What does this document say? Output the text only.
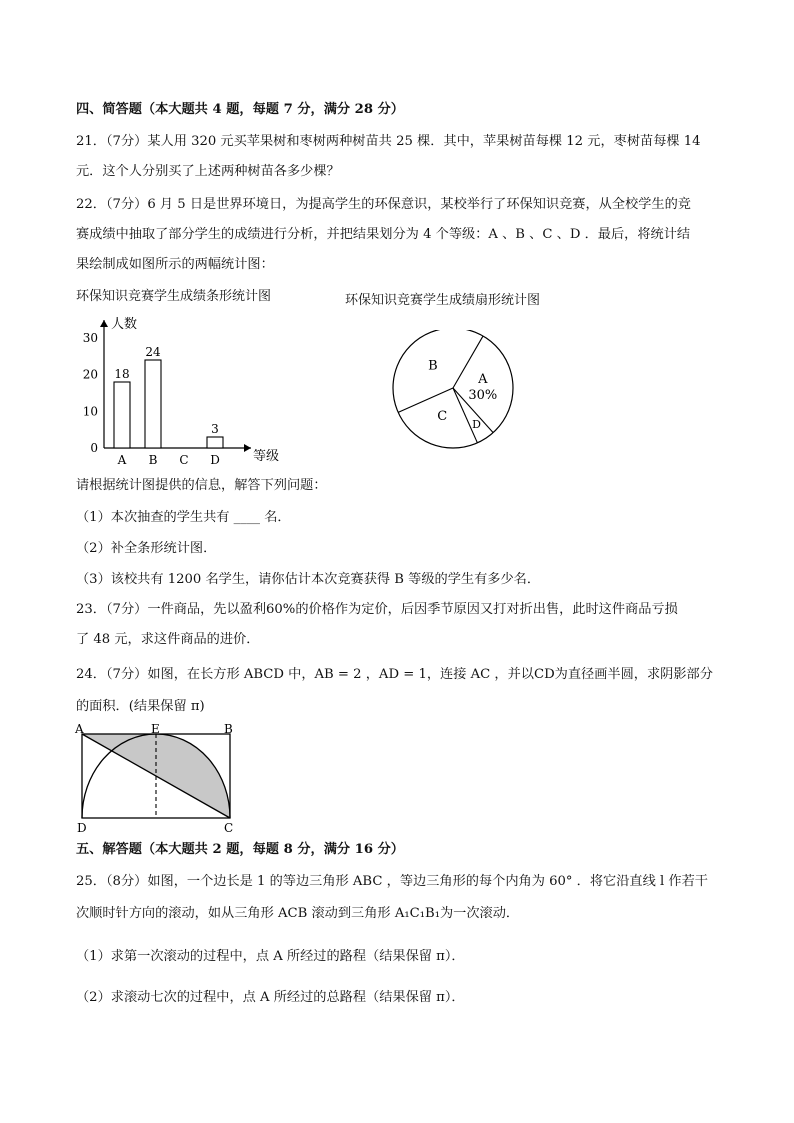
四、简答题（本大题共 4 题，每题 7 分，满分 28 分）
21．（7分）某人用 320 元买苹果树和枣树两种树苗共 25 棵．其中，苹果树苗每棵 12 元，枣树苗每棵 14
元．这个人分别买了上述两种树苗各多少棵？
22．（7分）6 月 5 日是世界环境日，为提高学生的环保意识，某校举行了环保知识竞赛，从全校学生的竞
赛成绩中抽取了部分学生的成绩进行分析，并把结果划分为 4 个等级：A 、B 、C 、D ．最后，将统计结
果绘制成如图所示的两幅统计图：
环保知识竞赛学生成绩条形统计图
人数
等级
0
10
20
30
18
A
24
B C
3
D
环保知识竞赛学生成绩扇形统计图
A
30%
D
C
B
请根据统计图提供的信息，解答下列问题：
（1）本次抽查的学生共有 ____ 名．
（2）补全条形统计图．
（3）该校共有 1200 名学生，请你估计本次竞赛获得 B 等级的学生有多少名．
23．（7分）一件商品，先以盈利60%的价格作为定价，后因季节原因又打对折出售，此时这件商品亏损
了 48 元，求这件商品的进价．
24．（7分）如图，在长方形 ABCD 中，AB = 2 ，AD = 1，连接 AC ，并以CD为直径画半圆，求阴影部分
的面积．(结果保留 π)
A	E	B
D	C
五、解答题（本大题共 2 题，每题 8 分，满分 16 分）
25．（8分）如图，一个边长是 1 的等边三角形 ABC ，等边三角形的每个内角为 60° ．将它沿直线 l 作若干
次顺时针方向的滚动，如从三角形 ACB 滚动到三角形 A₁C₁B₁为一次滚动．
（1）求第一次滚动的过程中，点 A 所经过的路程（结果保留 π）．
（2）求滚动七次的过程中，点 A 所经过的总路程（结果保留 π）．
